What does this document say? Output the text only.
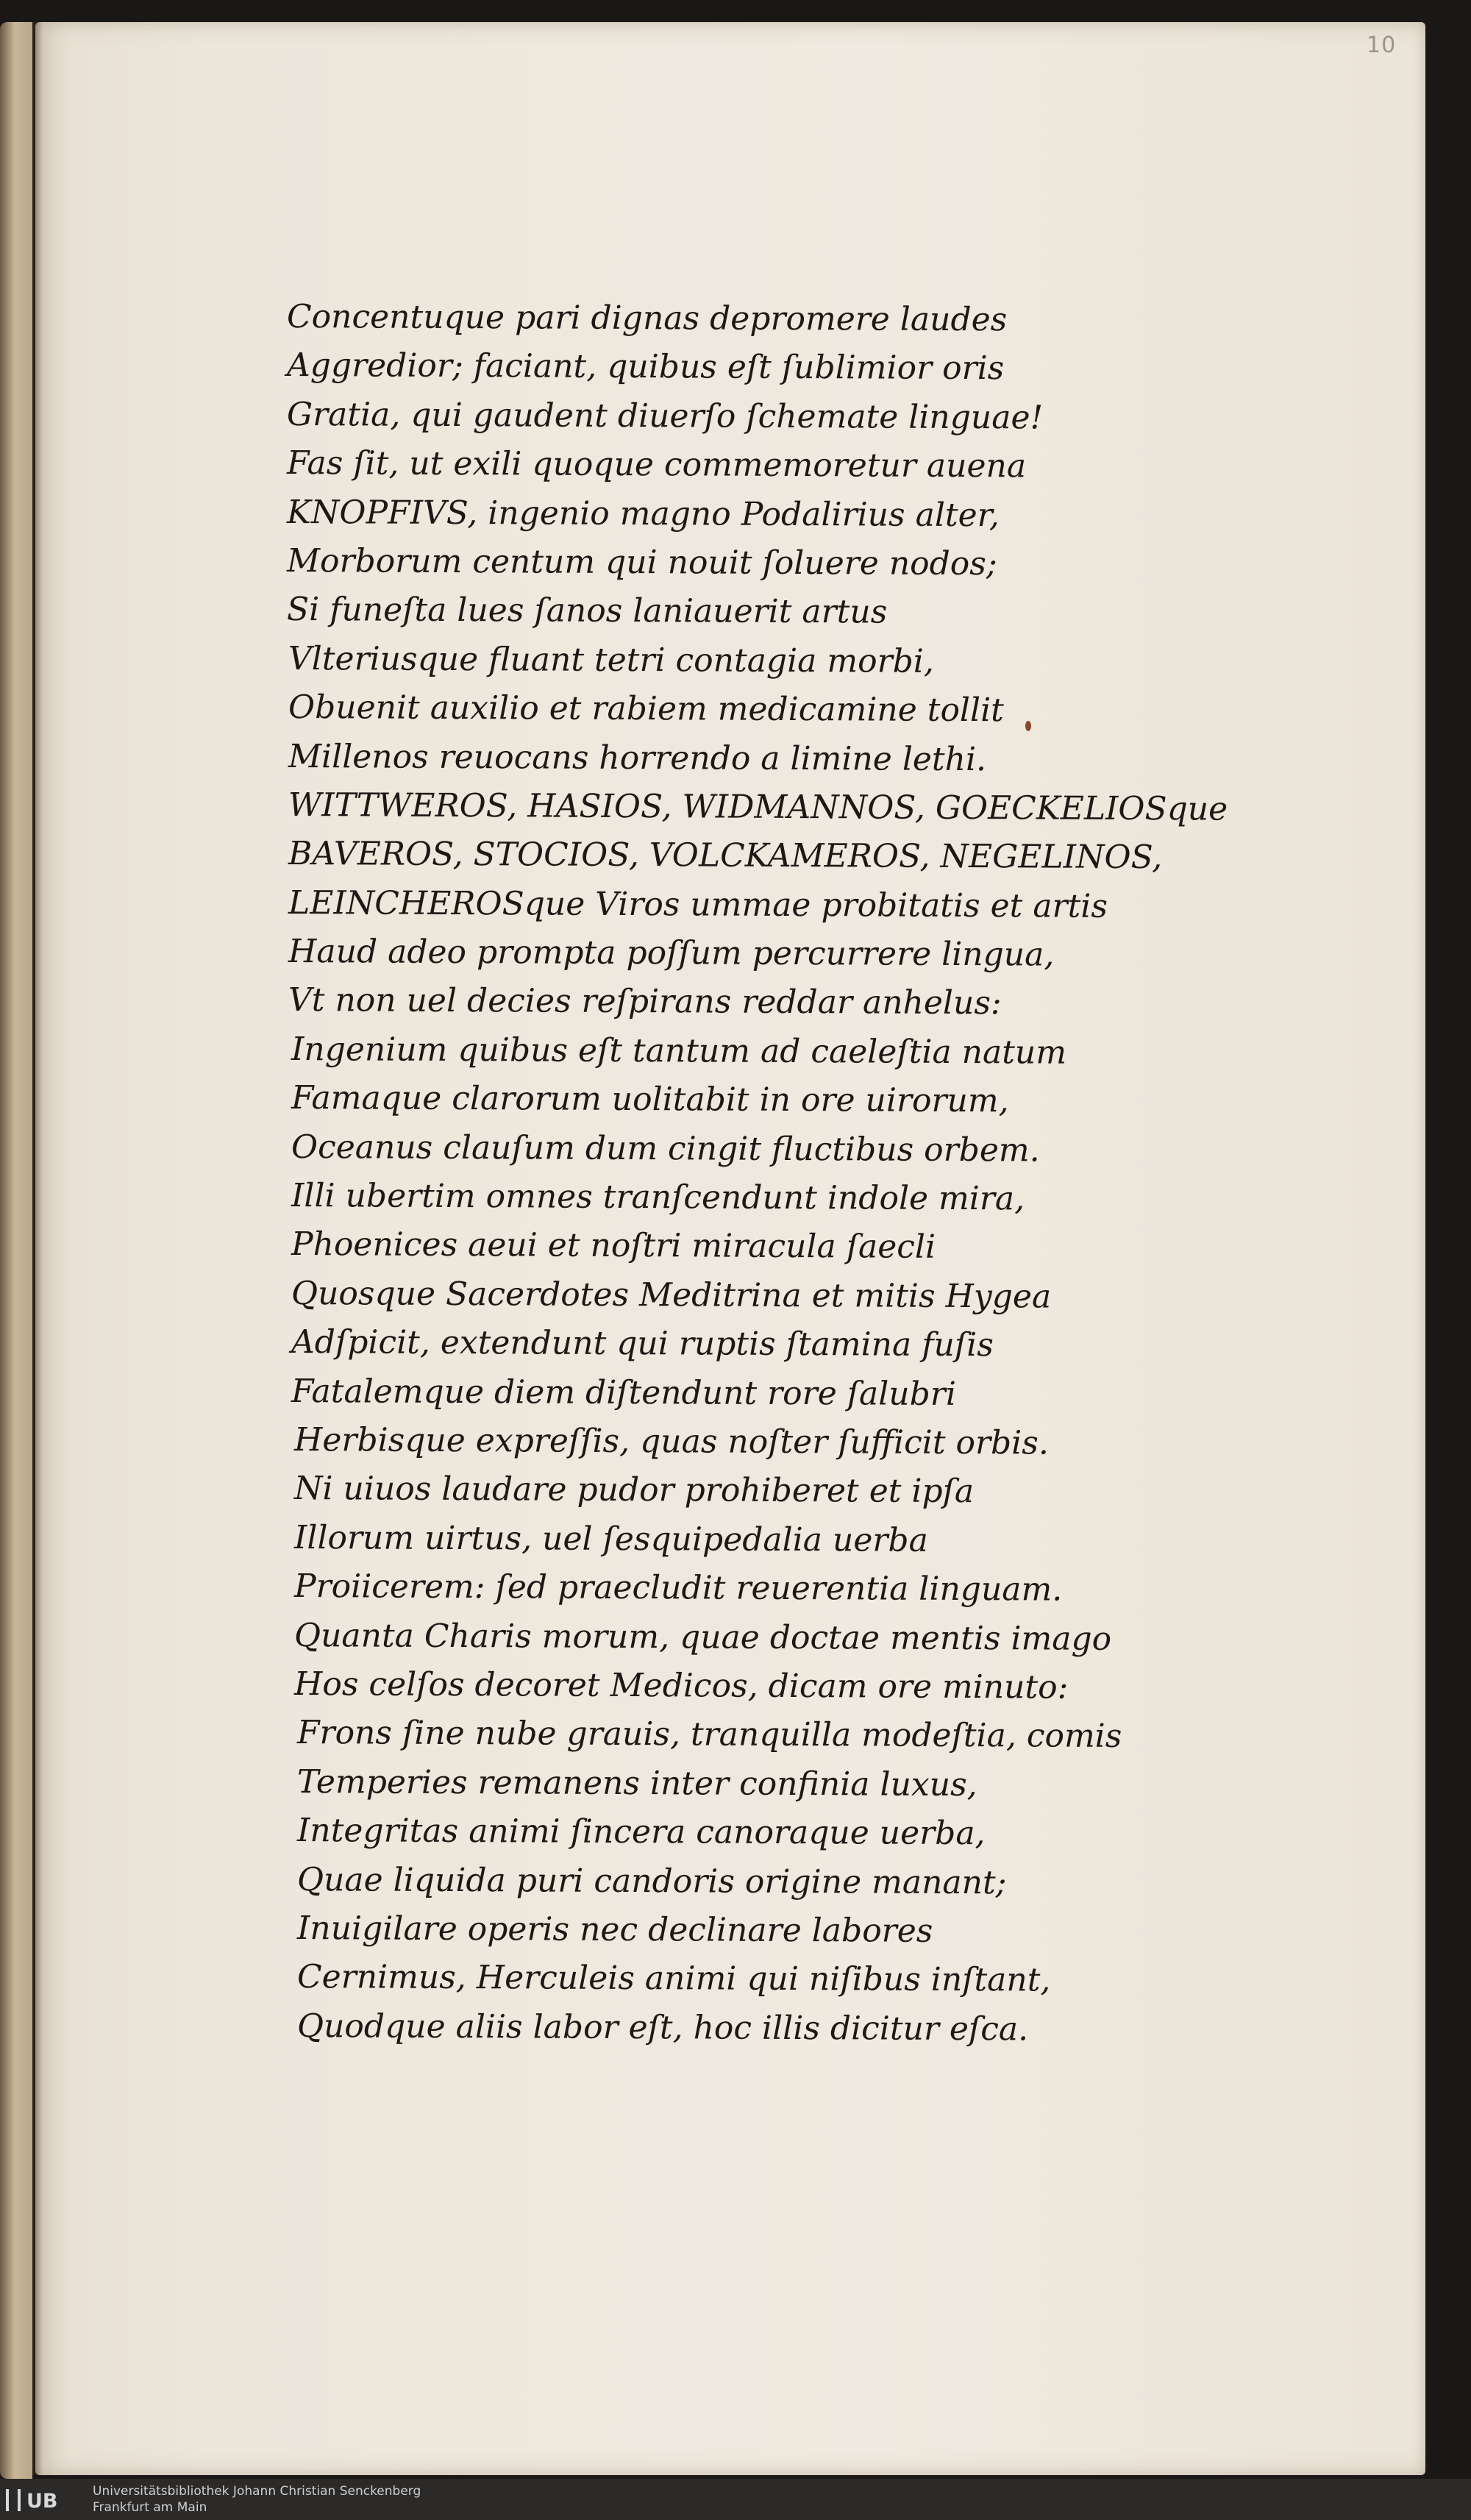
10
Concentuque pari dignas depromere laudes
Aggredior; faciant, quibus eſt ſublimior oris
Gratia, qui gaudent diuerſo ſchemate linguae!
Fas ſit, ut exili quoque commemoretur auena
KNOPFIVS, ingenio magno Podalirius alter,
Morborum centum qui nouit ſoluere nodos;
Si funeſta lues ſanos laniauerit artus
Vlteriusque fluant tetri contagia morbi,
Obuenit auxilio et rabiem medicamine tollit
Millenos reuocans horrendo a limine lethi.
WITTWEROS, HASIOS, WIDMANNOS, GOECKELIOSque
BAVEROS, STOCIOS, VOLCKAMEROS, NEGELINOS,
LEINCHEROSque Viros ummae probitatis et artis
Haud adeo prompta poſſum percurrere lingua,
Vt non uel decies reſpirans reddar anhelus:
Ingenium quibus eſt tantum ad caeleſtia natum
Famaque clarorum uolitabit in ore uirorum,
Oceanus clauſum dum cingit fluctibus orbem.
Illi ubertim omnes tranſcendunt indole mira,
Phoenices aeui et noſtri miracula ſaecli
Quosque Sacerdotes Meditrina et mitis Hygea
Adſpicit, extendunt qui ruptis ſtamina fuſis
Fatalemque diem diſtendunt rore ſalubri
Herbisque expreſſis, quas noſter ſufficit orbis.
Ni uiuos laudare pudor prohiberet et ipſa
Illorum uirtus, uel ſesquipedalia uerba
Proiicerem: ſed praecludit reuerentia linguam.
Quanta Charis morum, quae doctae mentis imago
Hos celſos decoret Medicos, dicam ore minuto:
Frons ſine nube grauis, tranquilla modeſtia, comis
Temperies remanens inter confinia luxus,
Integritas animi ſincera canoraque uerba,
Quae liquida puri candoris origine manant;
Inuigilare operis nec declinare labores
Cernimus, Herculeis animi qui niſibus inſtant,
Quodque aliis labor eſt, hoc illis dicitur eſca.
UB	Universitätsbibliothek Johann Christian Senckenberg
Frankfurt am Main
